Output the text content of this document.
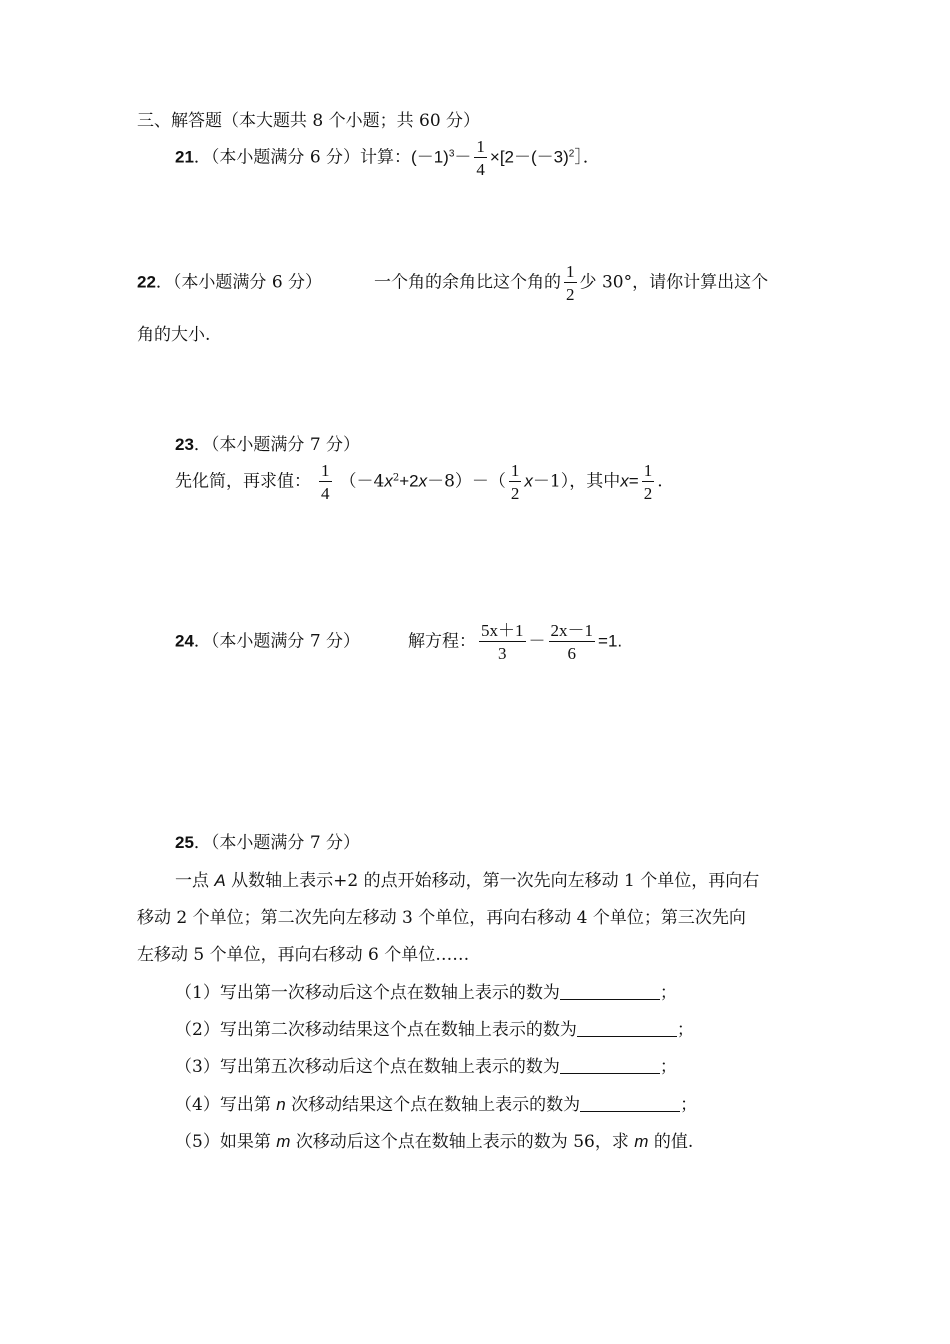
三、解答题（本大题共 8 个小题；共 60 分）
21．（本小题满分 6 分）计算：$(-1)^3- \frac{1}{4}$ $\times[2-(-3)^2]$．
22．（本小题满分 6 分）	一个角的余角比这个角的 $\frac{1}{2}$ 少 30°，请你计算出这个
角的大小.
23．（本小题满分 7 分）
先化简，再求值： $\frac{1}{4} (-4x^2+2x-8)-( \frac{1}{2} x-1)$，其中$x= \frac{1}{2}$ .
24．（本小题满分 7 分）	解方程： $\frac{5x+1}{3} - \frac{2x-1}{6} =1$.
25．（本小题满分 7 分）
一点 A 从数轴上表示+2 的点开始移动，第一次先向左移动 1 个单位，再向右
移动 2 个单位；第二次先向左移动 3 个单位，再向右移动 4 个单位；第三次先向
左移动 5 个单位，再向右移动 6 个单位……
（1）写出第一次移动后这个点在数轴上表示的数为	；
（2）写出第二次移动结果这个点在数轴上表示的数为	；
（3）写出第五次移动后这个点在数轴上表示的数为	；
（4）写出第 n 次移动结果这个点在数轴上表示的数为	；
（5）如果第 m 次移动后这个点在数轴上表示的数为 56，求 m 的值.
